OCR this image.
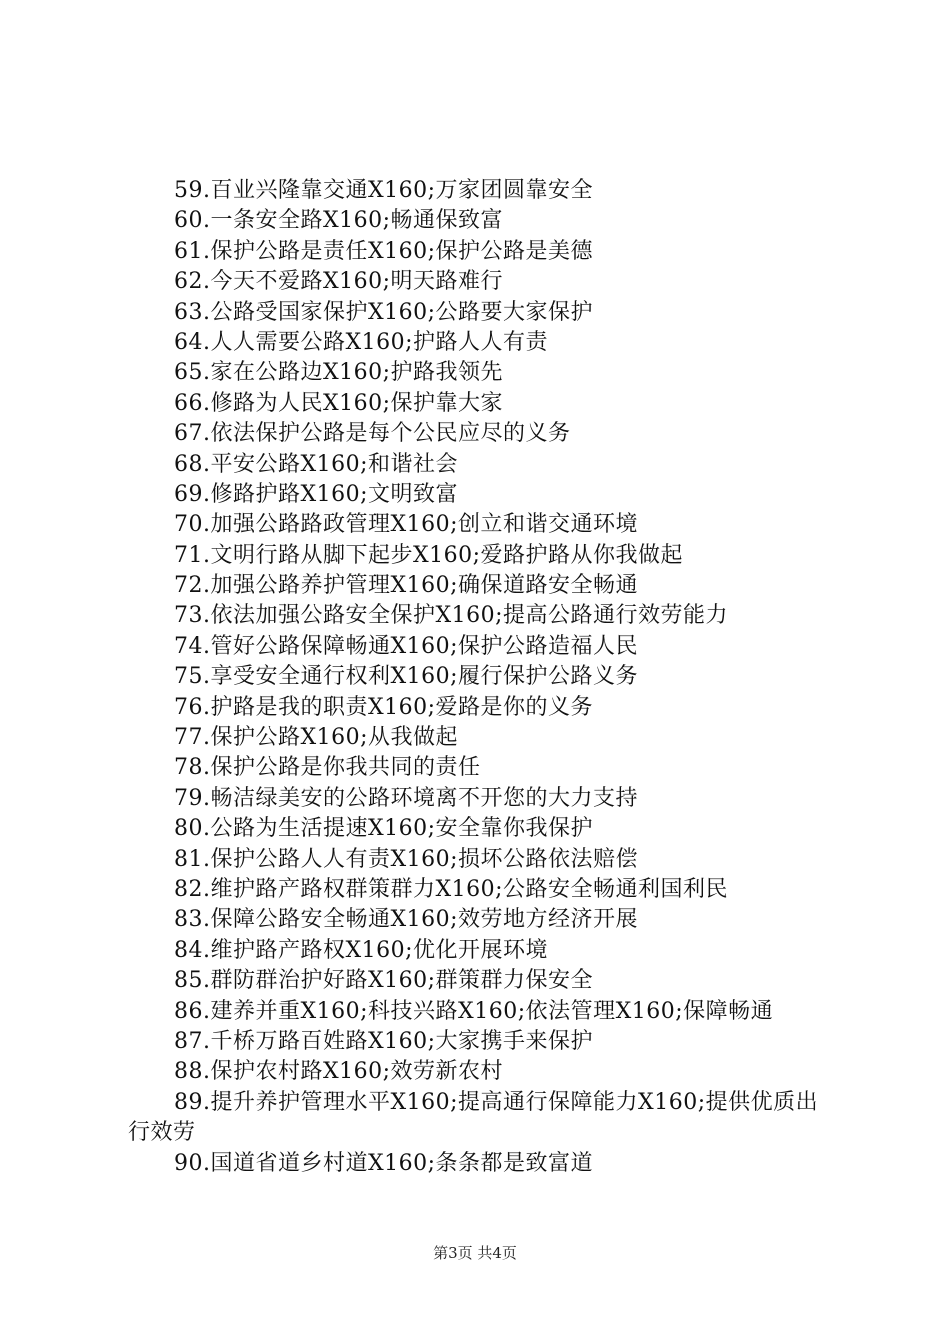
59.百业兴隆靠交通X160;万家团圆靠安全
60.一条安全路X160;畅通保致富
61.保护公路是责任X160;保护公路是美德
62.今天不爱路X160;明天路难行
63.公路受国家保护X160;公路要大家保护
64.人人需要公路X160;护路人人有责
65.家在公路边X160;护路我领先
66.修路为人民X160;保护靠大家
67.依法保护公路是每个公民应尽的义务
68.平安公路X160;和谐社会
69.修路护路X160;文明致富
70.加强公路路政管理X160;创立和谐交通环境
71.文明行路从脚下起步X160;爱路护路从你我做起
72.加强公路养护管理X160;确保道路安全畅通
73.依法加强公路安全保护X160;提高公路通行效劳能力
74.管好公路保障畅通X160;保护公路造福人民
75.享受安全通行权利X160;履行保护公路义务
76.护路是我的职责X160;爱路是你的义务
77.保护公路X160;从我做起
78.保护公路是你我共同的责任
79.畅洁绿美安的公路环境离不开您的大力支持
80.公路为生活提速X160;安全靠你我保护
81.保护公路人人有责X160;损坏公路依法赔偿
82.维护路产路权群策群力X160;公路安全畅通利国利民
83.保障公路安全畅通X160;效劳地方经济开展
84.维护路产路权X160;优化开展环境
85.群防群治护好路X160;群策群力保安全
86.建养并重X160;科技兴路X160;依法管理X160;保障畅通
87.千桥万路百姓路X160;大家携手来保护
88.保护农村路X160;效劳新农村
89.提升养护管理水平X160;提高通行保障能力X160;提供优质出行效劳
90.国道省道乡村道X160;条条都是致富道
第3页 共4页
